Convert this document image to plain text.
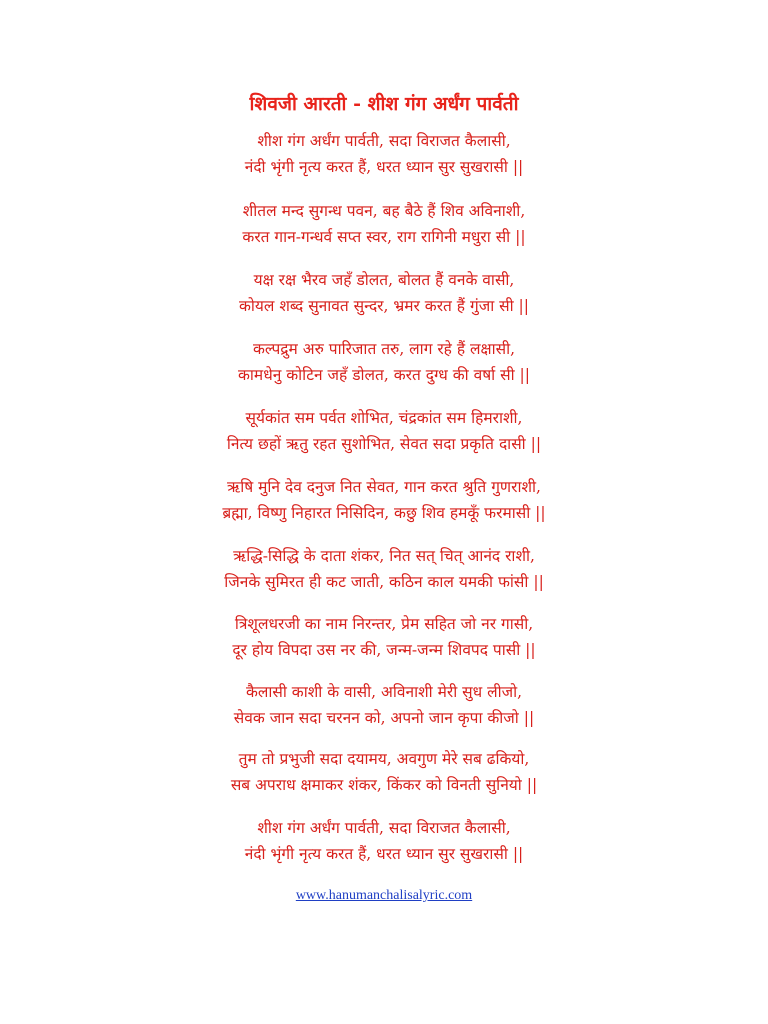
शिवजी आरती - शीश गंग अर्धंग पार्वती
शीश गंग अर्धंग पार्वती, सदा विराजत कैलासी,
नंदी भृंगी नृत्य करत हैं, धरत ध्यान सुर सुखरासी ||
शीतल मन्द सुगन्ध पवन, बह बैठे हैं शिव अविनाशी,
करत गान-गन्धर्व सप्त स्वर, राग रागिनी मधुरा सी ||
यक्ष रक्ष भैरव जहँ डोलत, बोलत हैं वनके वासी,
कोयल शब्द सुनावत सुन्दर, भ्रमर करत हैं गुंजा सी ||
कल्पद्रुम अरु पारिजात तरु, लाग रहे हैं लक्षासी,
कामधेनु कोटिन जहँ डोलत, करत दुग्ध की वर्षा सी ||
सूर्यकांत सम पर्वत शोभित, चंद्रकांत सम हिमराशी,
नित्य छहों ऋतु रहत सुशोभित, सेवत सदा प्रकृति दासी ||
ऋषि मुनि देव दनुज नित सेवत, गान करत श्रुति गुणराशी,
ब्रह्मा, विष्णु निहारत निसिदिन, कछु शिव हमकूँ फरमासी ||
ऋद्धि-सिद्धि के दाता शंकर, नित सत् चित् आनंद राशी,
जिनके सुमिरत ही कट जाती, कठिन काल यमकी फांसी ||
त्रिशूलधरजी का नाम निरन्तर, प्रेम सहित जो नर गासी,
दूर होय विपदा उस नर की, जन्म-जन्म शिवपद पासी ||
कैलासी काशी के वासी, अविनाशी मेरी सुध लीजो,
सेवक जान सदा चरनन को, अपनो जान कृपा कीजो ||
तुम तो प्रभुजी सदा दयामय, अवगुण मेरे सब ढकियो,
सब अपराध क्षमाकर शंकर, किंकर को विनती सुनियो ||
शीश गंग अर्धंग पार्वती, सदा विराजत कैलासी,
नंदी भृंगी नृत्य करत हैं, धरत ध्यान सुर सुखरासी ||
www.hanumanchalisalyric.com
